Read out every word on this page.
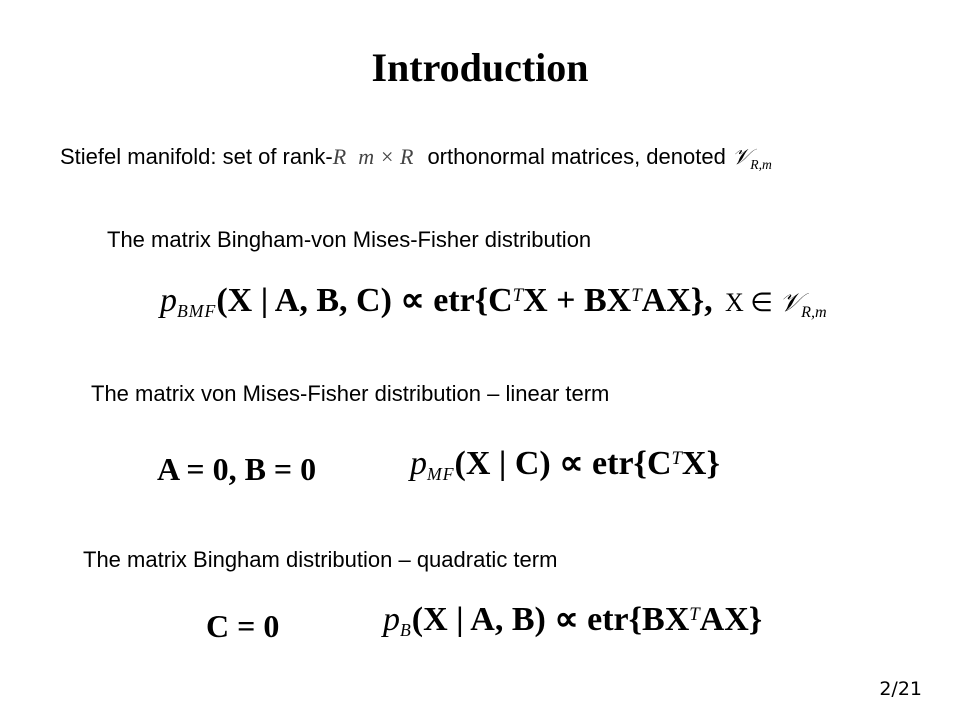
Introduction
Stiefel manifold: set of rank-R m × R orthonormal matrices, denoted 𝒱$_{R,m}$
The matrix Bingham-von Mises-Fisher distribution
pBMF(X | A, B, $C) \propto etr\{C^TX + BX^TAX\}$, X ∈ 𝒱$_{R,m}$
The matrix von Mises-Fisher distribution – linear term
A = 0, B = 0	pMF(X | $C) \propto etr\{C^TX\}$
The matrix Bingham distribution – quadratic term
C = 0	pB(X | A, $B) \propto etr\{BX^TAX\}$
2/21
